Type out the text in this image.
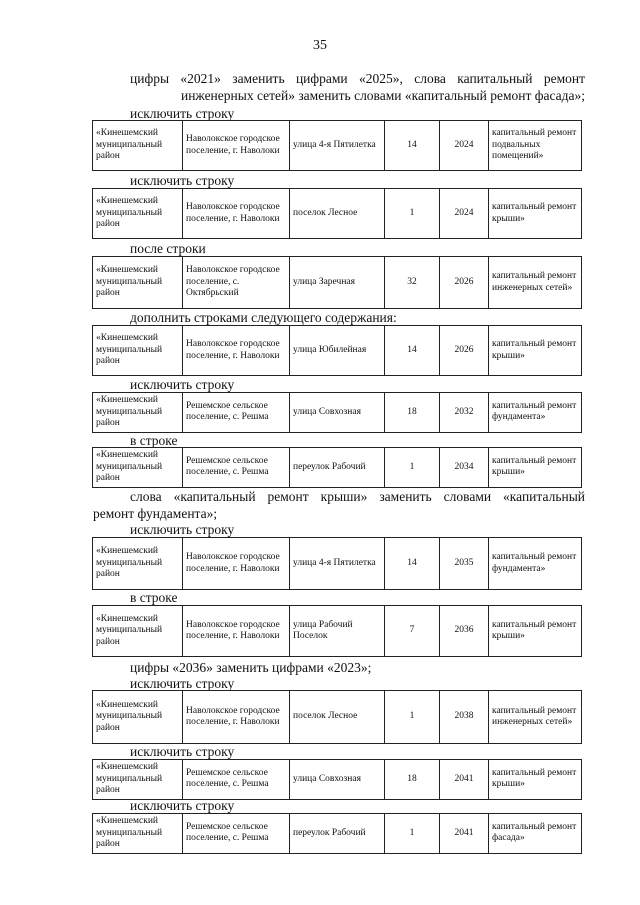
35
цифры «2021» заменить цифрами «2025», слова капитальный ремонт
инженерных сетей» заменить словами «капитальный ремонт фасада»;
исключить строку
«Кинешемский муниципальный район	Наволокское городское поселение, г. Наволоки	улица 4-я Пятилетка	14	2024	капитальный ремонт подвальных помещений»
исключить строку
«Кинешемский муниципальный район	Наволокское городское поселение, г. Наволоки	поселок Лесное	1	2024	капитальный ремонт крыши»
после строки
«Кинешемский муниципальный район	Наволокское городское поселение, с. Октябрьский	улица Заречная	32	2026	капитальный ремонт инженерных сетей»
дополнить строками следующего содержания:
«Кинешемский муниципальный район	Наволокское городское поселение, г. Наволоки	улица Юбилейная	14	2026	капитальный ремонт крыши»
исключить строку
«Кинешемский муниципальный район	Решемское сельское поселение, с. Решма	улица Совхозная	18	2032	капитальный ремонт фундамента»
в строке
«Кинешемский муниципальный район	Решемское сельское поселение, с. Решма	переулок Рабочий	1	2034	капитальный ремонт крыши»
слова «капитальный ремонт крыши» заменить словами «капитальный
ремонт фундамента»;
исключить строку
«Кинешемский муниципальный район	Наволокское городское поселение, г. Наволоки	улица 4-я Пятилетка	14	2035	капитальный ремонт фундамента»
в строке
«Кинешемский муниципальный район	Наволокское городское поселение, г. Наволоки	улица Рабочий Поселок	7	2036	капитальный ремонт крыши»
цифры «2036» заменить цифрами «2023»;
исключить строку
«Кинешемский муниципальный район	Наволокское городское поселение, г. Наволоки	поселок Лесное	1	2038	капитальный ремонт инженерных сетей»
исключить строку
«Кинешемский муниципальный район	Решемское сельское поселение, с. Решма	улица Совхозная	18	2041	капитальный ремонт крыши»
исключить строку
«Кинешемский муниципальный район	Решемское сельское поселение, с. Решма	переулок Рабочий	1	2041	капитальный ремонт фасада»
